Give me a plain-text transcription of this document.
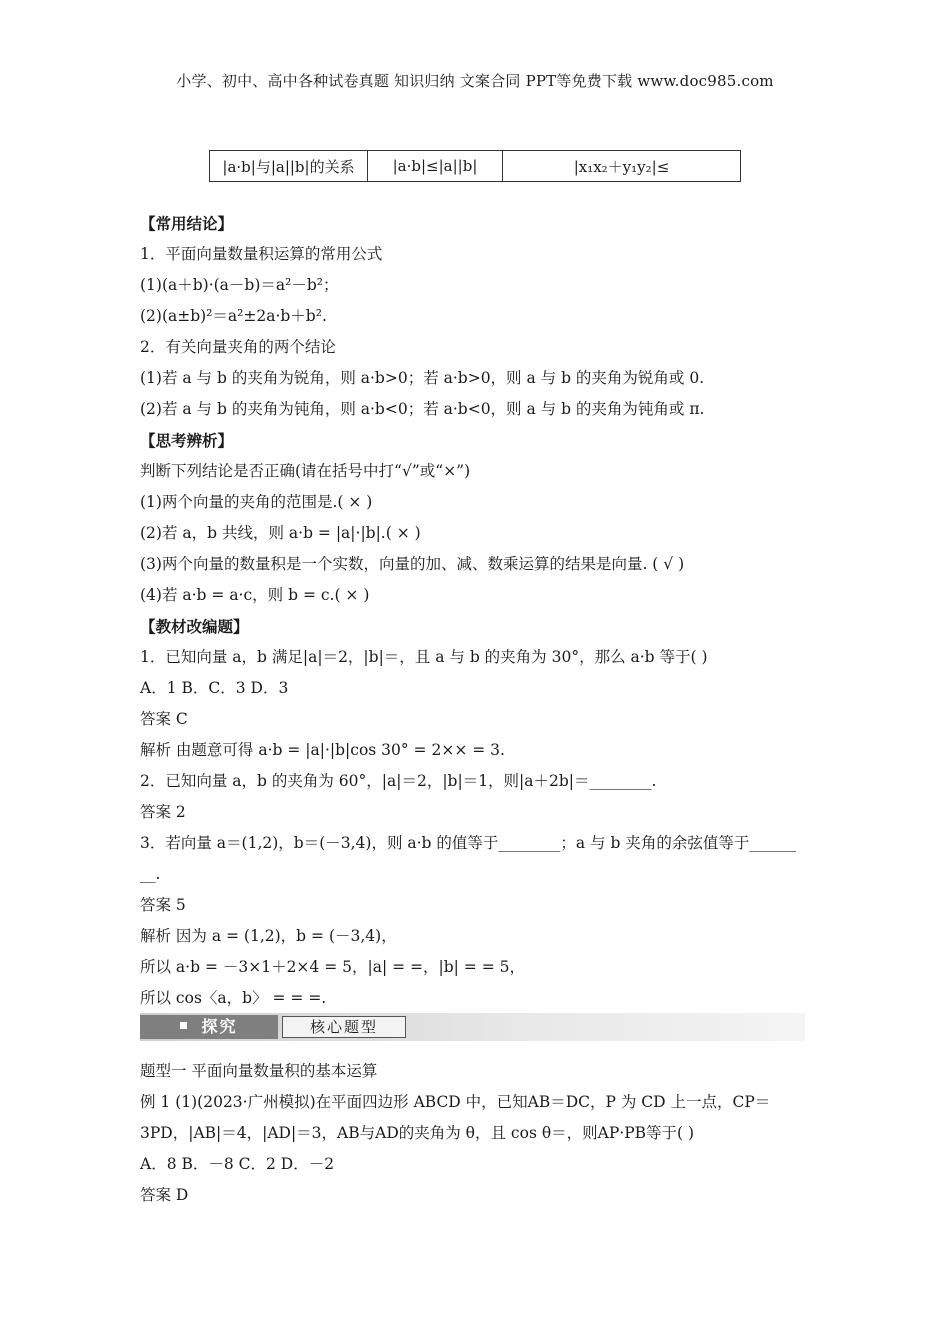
小学、初中、高中各种试卷真题 知识归纳 文案合同 PPT等免费下载 www.doc985.com
|a·b|与|a||b|的关系	|a·b|≤|a||b|	|x₁x₂＋y₁y₂|≤
【常用结论】
1．平面向量数量积运算的常用公式
(1)(a＋b)·(a－b)＝a²－b²；
(2)(a±b)²＝a²±2a·b＋b².
2．有关向量夹角的两个结论
(1)若 a 与 b 的夹角为锐角，则 a·b>0；若 a·b>0，则 a 与 b 的夹角为锐角或 0.
(2)若 a 与 b 的夹角为钝角，则 a·b<0；若 a·b<0，则 a 与 b 的夹角为钝角或 π.
【思考辨析】
判断下列结论是否正确(请在括号中打“√”或“×”)
(1)两个向量的夹角的范围是.( × )
(2)若 a，b 共线，则 a·b = |a|·|b|.( × )
(3)两个向量的数量积是一个实数，向量的加、减、数乘运算的结果是向量. ( √ )
(4)若 a·b = a·c，则 b = c.( × )
【教材改编题】
1．已知向量 a，b 满足|a|＝2，|b|＝，且 a 与 b 的夹角为 30°，那么 a·b 等于( )
A．1 B．C．3 D．3
答案 C
解析 由题意可得 a·b = |a|·|b|cos 30° = 2×× = 3.
2．已知向量 a，b 的夹角为 60°，|a|＝2，|b|＝1，则|a＋2b|＝________.
答案 2
3．若向量 a＝(1,2)，b＝(－3,4)，则 a·b 的值等于________；a 与 b 夹角的余弦值等于______
__.
答案 5
解析 因为 a = (1,2)，b = (－3,4)，
所以 a·b = －3×1＋2×4 = 5，|a| = =，|b| = = 5，
所以 cos〈a，b〉 = = =.
探究	核心题型
题型一 平面向量数量积的基本运算
例 1 (1)(2023·广州模拟)在平面四边形 ABCD 中，已知AB＝DC，P 为 CD 上一点，CP＝
3PD，|AB|＝4，|AD|＝3，AB与AD的夹角为 θ，且 cos θ＝，则AP·PB等于( )
A．8 B．－8 C．2 D．－2
答案 D
